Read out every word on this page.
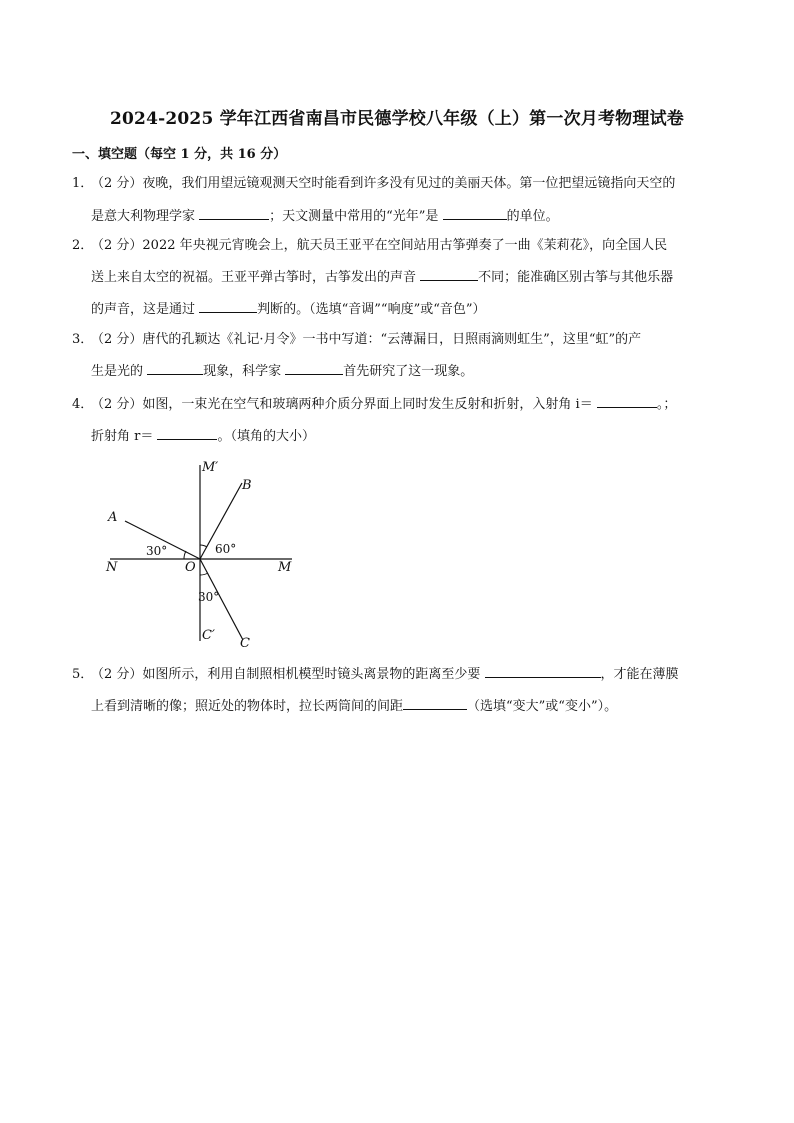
2024-2025 学年江西省南昌市民德学校八年级（上）第一次月考物理试卷
一、填空题（每空 1 分，共 16 分）
1．（2 分）夜晚，我们用望远镜观测天空时能看到许多没有见过的美丽天体。第一位把望远镜指向天空的
是意大利物理学家	；天文测量中常用的“光年”是	的单位。
2．（2 分）2022 年央视元宵晚会上，航天员王亚平在空间站用古筝弹奏了一曲《茉莉花》，向全国人民
送上来自太空的祝福。王亚平弹古筝时，古筝发出的声音	不同；能准确区别古筝与其他乐器
的声音，这是通过	判断的。（选填“音调”“响度”或“音色”）
3．（2 分）唐代的孔颖达《礼记·月令》一书中写道：“云薄漏日，日照雨滴则虹生”，这里“虹”的产
生是光的	现象，科学家	首先研究了这一现象。
4．（2 分）如图，一束光在空气和玻璃两种介质分界面上同时发生反射和折射，入射角 i＝	。；
折射角 r＝	。（填角的大小）
M′
B
A
30°	60°
N	O	M
30°
C′
C
5．（2 分）如图所示，利用自制照相机模型时镜头离景物的距离至少要	，才能在薄膜
上看到清晰的像；照近处的物体时，拉长两筒间的间距	（选填“变大”或“变小”）。
